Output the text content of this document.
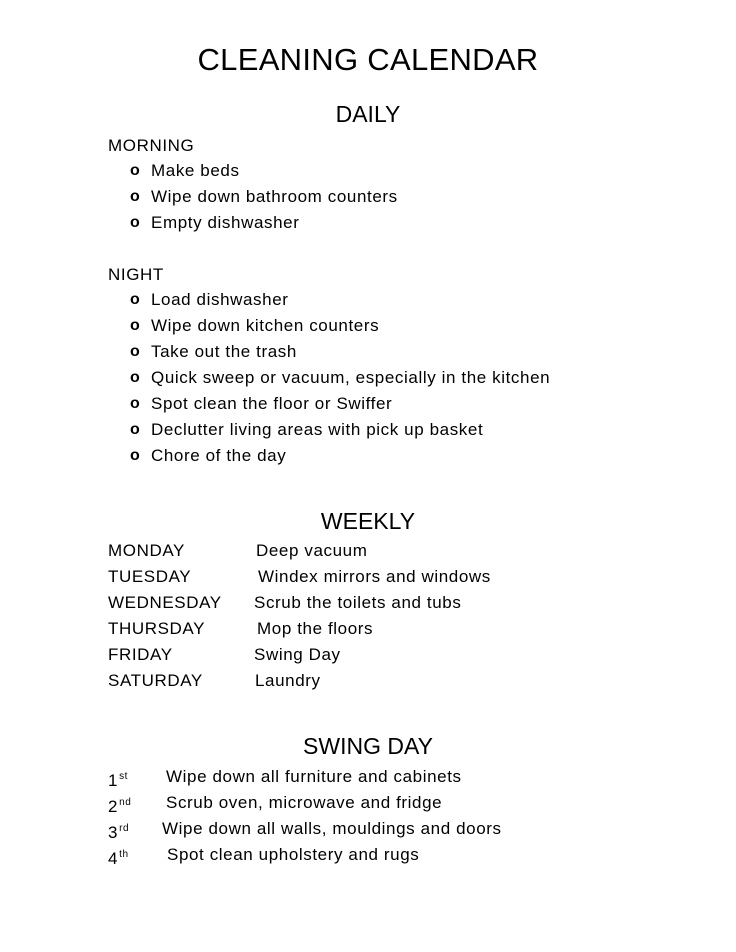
CLEANING CALENDAR
DAILY
MORNING
o Make beds
o Wipe down bathroom counters
o Empty dishwasher
NIGHT
o Load dishwasher
o Wipe down kitchen counters
o Take out the trash
o Quick sweep or vacuum, especially in the kitchen
o Spot clean the floor or Swiffer
o Declutter living areas with pick up basket
o Chore of the day
WEEKLY
MONDAY	Deep vacuum
TUESDAY	Windex mirrors and windows
WEDNESDAY Scrub the toilets and tubs
THURSDAY	Mop the floors
FRIDAY	Swing Day
SATURDAY	Laundry
SWING DAY
1st Wipe down all furniture and cabinets
2nd Scrub oven, microwave and fridge
3rd Wipe down all walls, mouldings and doors
4th Spot clean upholstery and rugs
